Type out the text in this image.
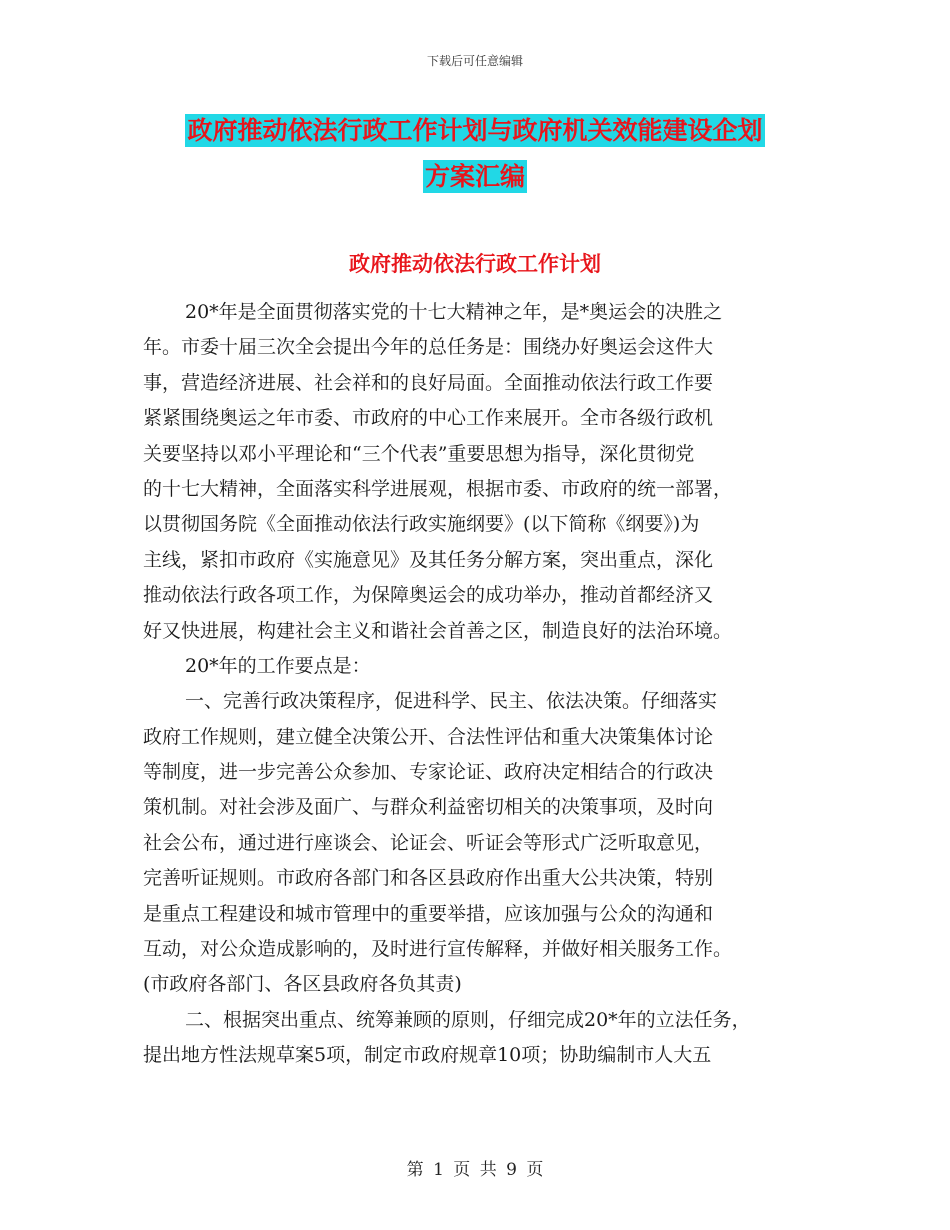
下载后可任意编辑
政府推动依法行政工作计划与政府机关效能建设企划
方案汇编
政府推动依法行政工作计划
20*年是全面贯彻落实党的十七大精神之年，是*奥运会的决胜之
年。市委十届三次全会提出今年的总任务是：围绕办好奥运会这件大
事，营造经济进展、社会祥和的良好局面。全面推动依法行政工作要
紧紧围绕奥运之年市委、市政府的中心工作来展开。全市各级行政机
关要坚持以邓小平理论和“三个代表”重要思想为指导，深化贯彻党
的十七大精神，全面落实科学进展观，根据市委、市政府的统一部署，
以贯彻国务院《全面推动依法行政实施纲要》(以下简称《纲要》)为
主线，紧扣市政府《实施意见》及其任务分解方案，突出重点，深化
推动依法行政各项工作，为保障奥运会的成功举办，推动首都经济又
好又快进展，构建社会主义和谐社会首善之区，制造良好的法治环境。
20*年的工作要点是：
一、完善行政决策程序，促进科学、民主、依法决策。仔细落实
政府工作规则，建立健全决策公开、合法性评估和重大决策集体讨论
等制度，进一步完善公众参加、专家论证、政府决定相结合的行政决
策机制。对社会涉及面广、与群众利益密切相关的决策事项，及时向
社会公布，通过进行座谈会、论证会、听证会等形式广泛听取意见，
完善听证规则。市政府各部门和各区县政府作出重大公共决策，特别
是重点工程建设和城市管理中的重要举措，应该加强与公众的沟通和
互动，对公众造成影响的，及时进行宣传解释，并做好相关服务工作。
(市政府各部门、各区县政府各负其责)
二、根据突出重点、统筹兼顾的原则，仔细完成20*年的立法任务，
提出地方性法规草案5项，制定市政府规章10项；协助编制市人大五
第 1 页 共 9 页
